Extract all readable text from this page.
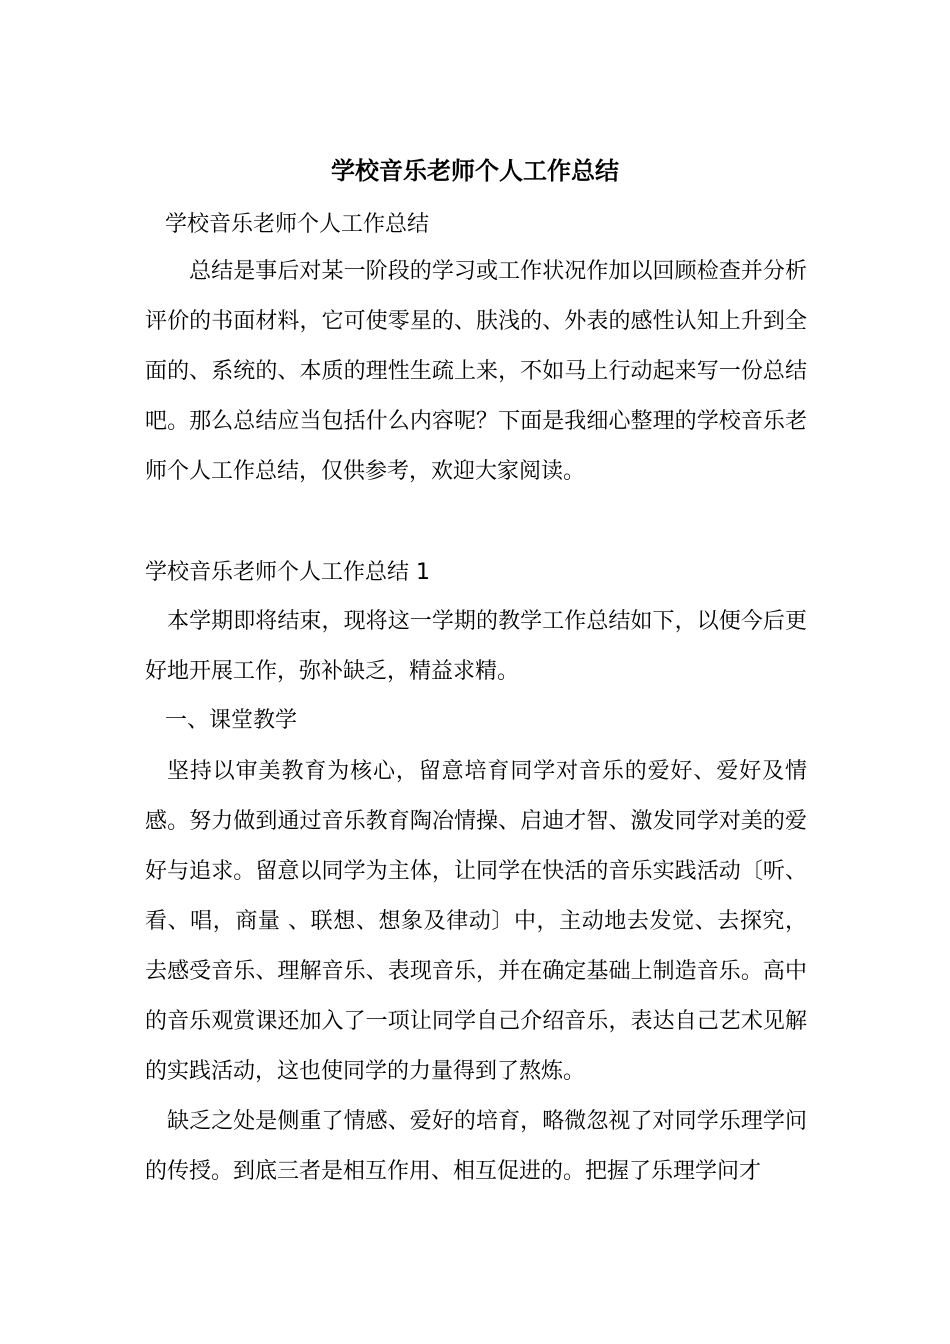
学校音乐老师个人工作总结
学校音乐老师个人工作总结
　总结是事后对某一阶段的学习或工作状况作加以回顾检查并分析评价的书面材料，它可使零星的、肤浅的、外表的感性认知上升到全面的、系统的、本质的理性生疏上来，不如马上行动起来写一份总结吧。那么总结应当包括什么内容呢？下面是我细心整理的学校音乐老师个人工作总结，仅供参考，欢迎大家阅读。
学校音乐老师个人工作总结 1
本学期即将结束，现将这一学期的教学工作总结如下，以便今后更好地开展工作，弥补缺乏，精益求精。
一、课堂教学
坚持以审美教育为核心，留意培育同学对音乐的爱好、爱好及情感。努力做到通过音乐教育陶冶情操、启迪才智、激发同学对美的爱好与追求。留意以同学为主体，让同学在快活的音乐实践活动〔听、看、唱，商量 、联想、想象及律动〕中，主动地去发觉、去探究，去感受音乐、理解音乐、表现音乐，并在确定基础上制造音乐。高中的音乐观赏课还加入了一项让同学自己介绍音乐，表达自己艺术见解的实践活动，这也使同学的力量得到了熬炼。
缺乏之处是侧重了情感、爱好的培育，略微忽视了对同学乐理学问的传授。到底三者是相互作用、相互促进的。把握了乐理学问才
